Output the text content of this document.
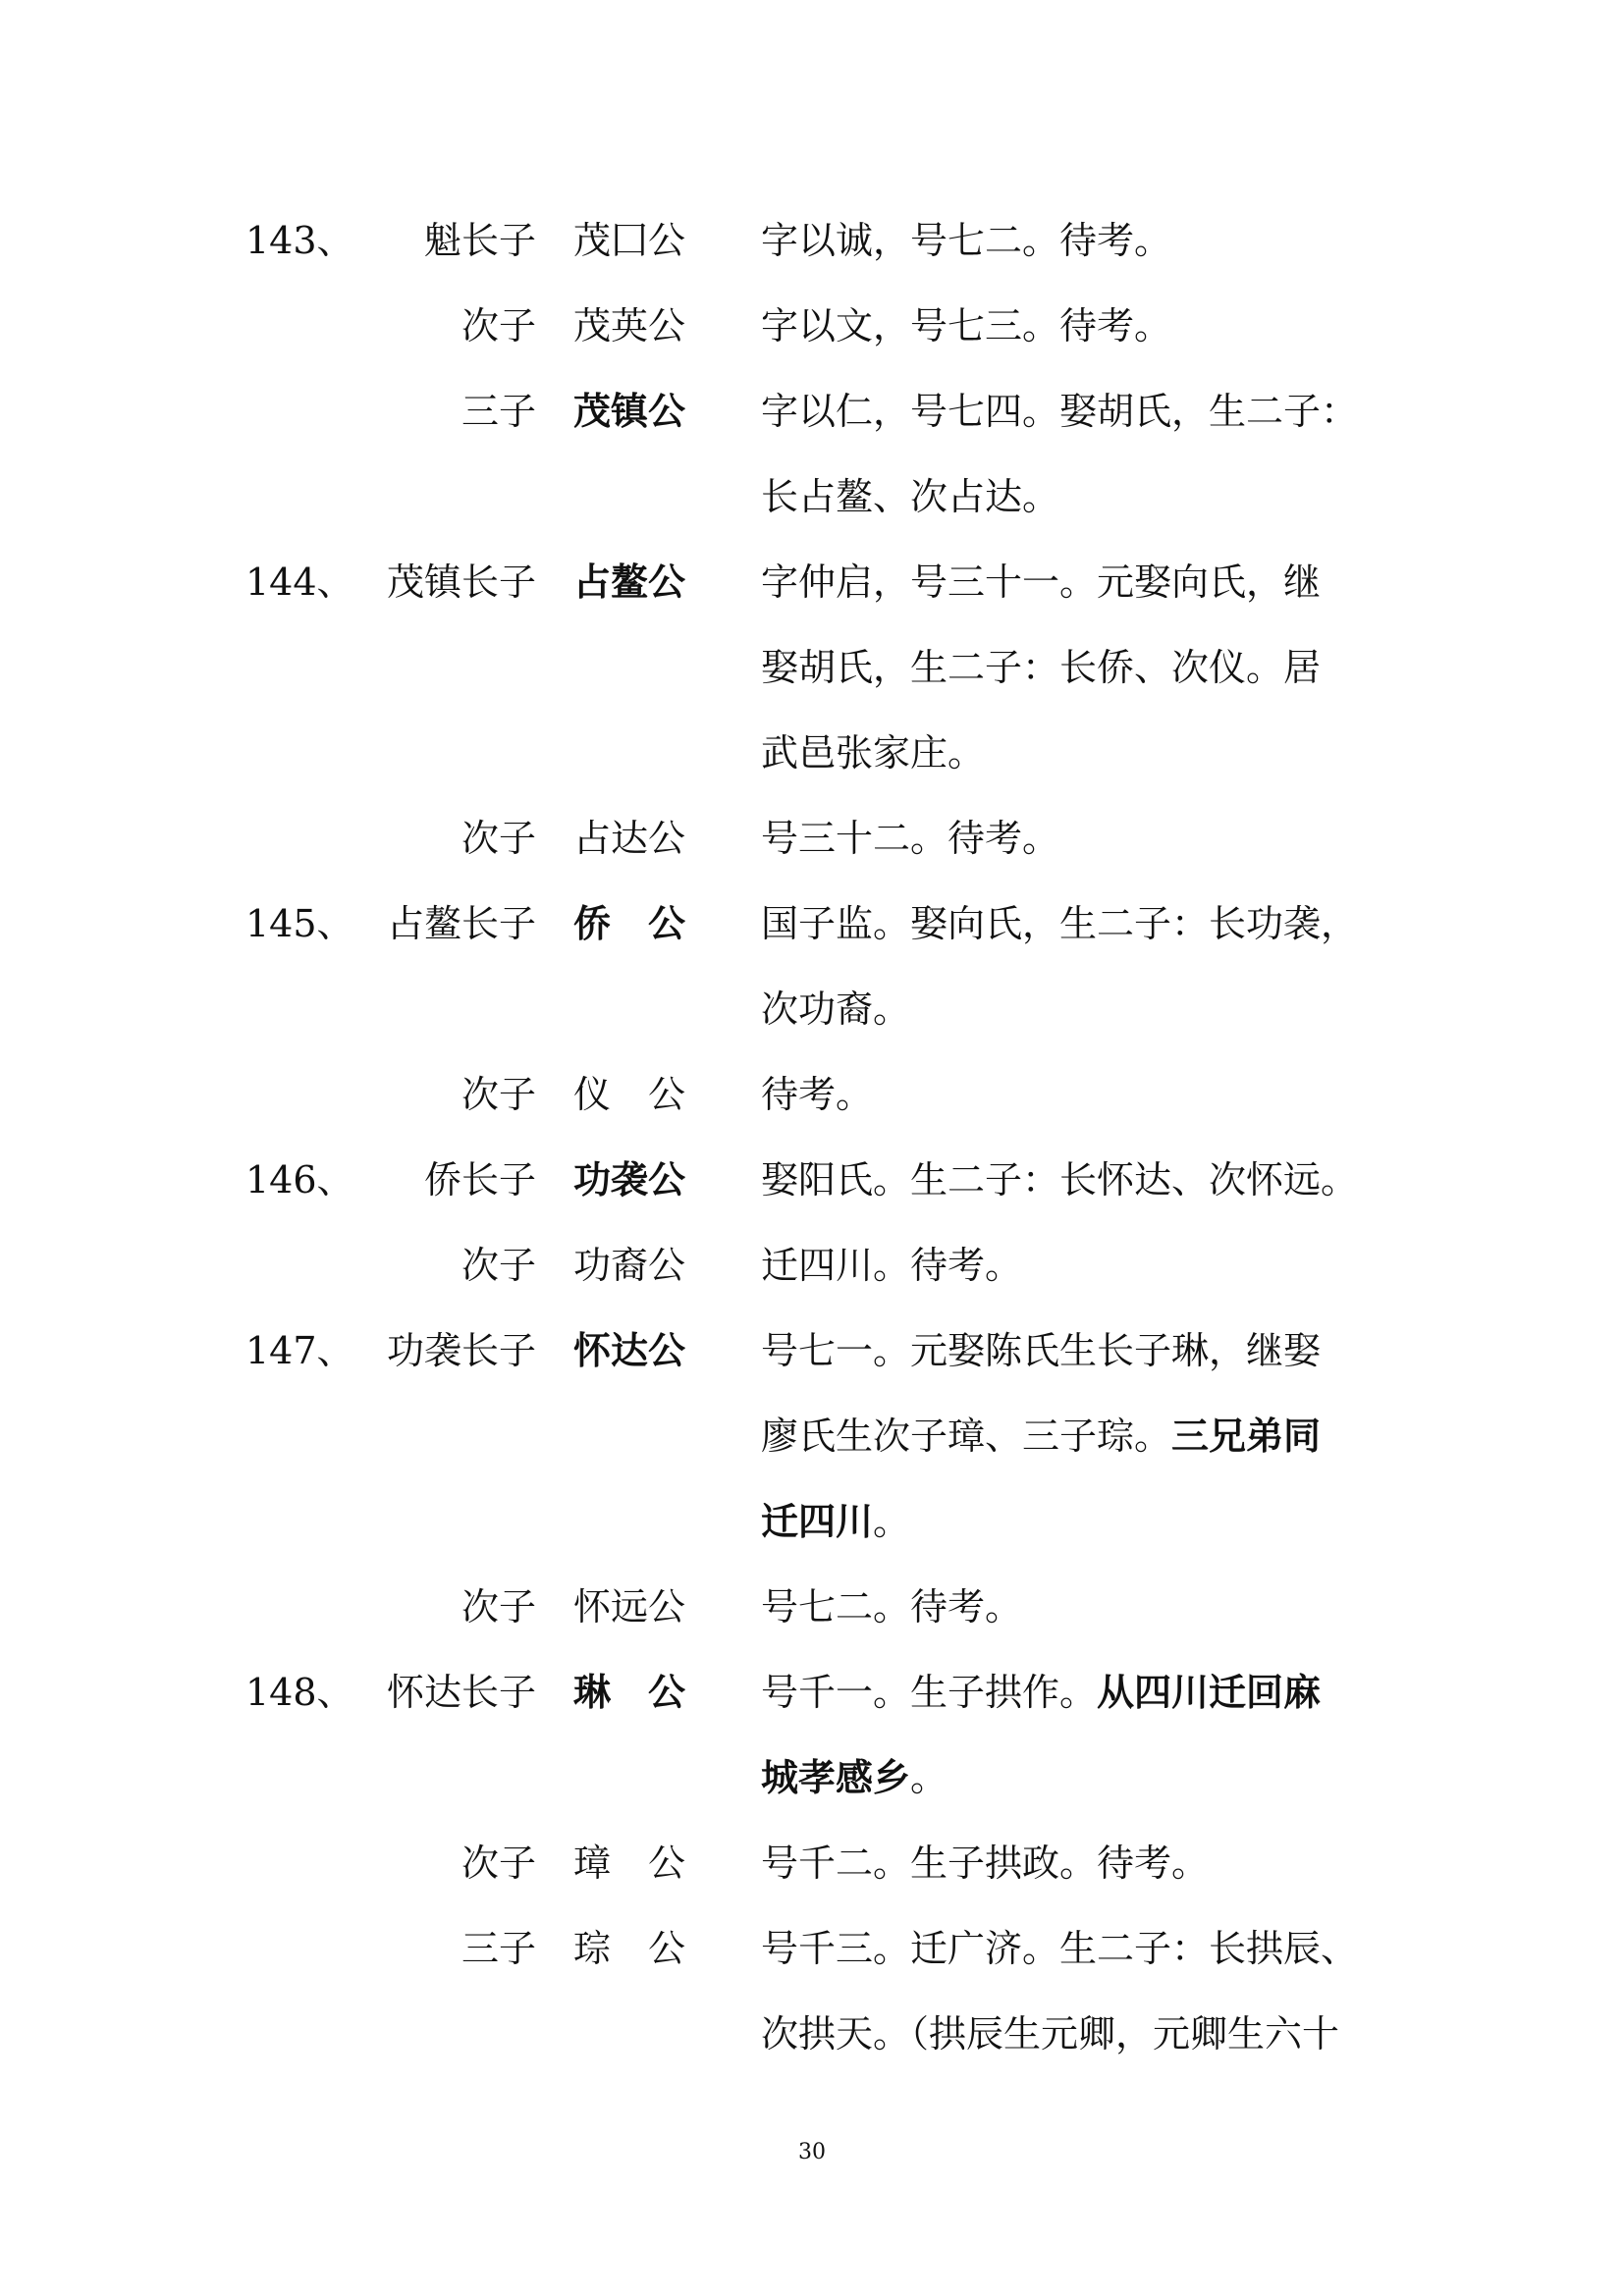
143、 魁长子 茂囗公 字以诚，号七二。待考。
次子 茂英公 字以文，号七三。待考。
三子 茂镇公 字以仁，号七四。娶胡氏，生二子：
长占鳌、次占达。
144、 茂镇长子 占鳌公 字仲启，号三十一。元娶向氏，继
娶胡氏，生二子：长侨、次仪。居
武邑张家庄。
次子 占达公 号三十二。待考。
145、 占鳌长子 侨　公 国子监。娶向氏，生二子：长功袭，
次功裔。
次子 仪　公 待考。
146、 侨长子 功袭公 娶阳氏。生二子：长怀达、次怀远。
次子 功裔公 迁四川。待考。
147、 功袭长子 怀达公 号七一。元娶陈氏生长子琳，继娶
廖氏生次子璋、三子琮。三兄弟同
迁四川。
次子 怀远公 号七二。待考。
148、 怀达长子 琳　公 号千一。生子拱作。从四川迁回麻
城孝感乡。
次子 璋　公 号千二。生子拱政。待考。
三子 琮　公 号千三。迁广济。生二子：长拱辰、
次拱天。（拱辰生元卿，元卿生六十
30
